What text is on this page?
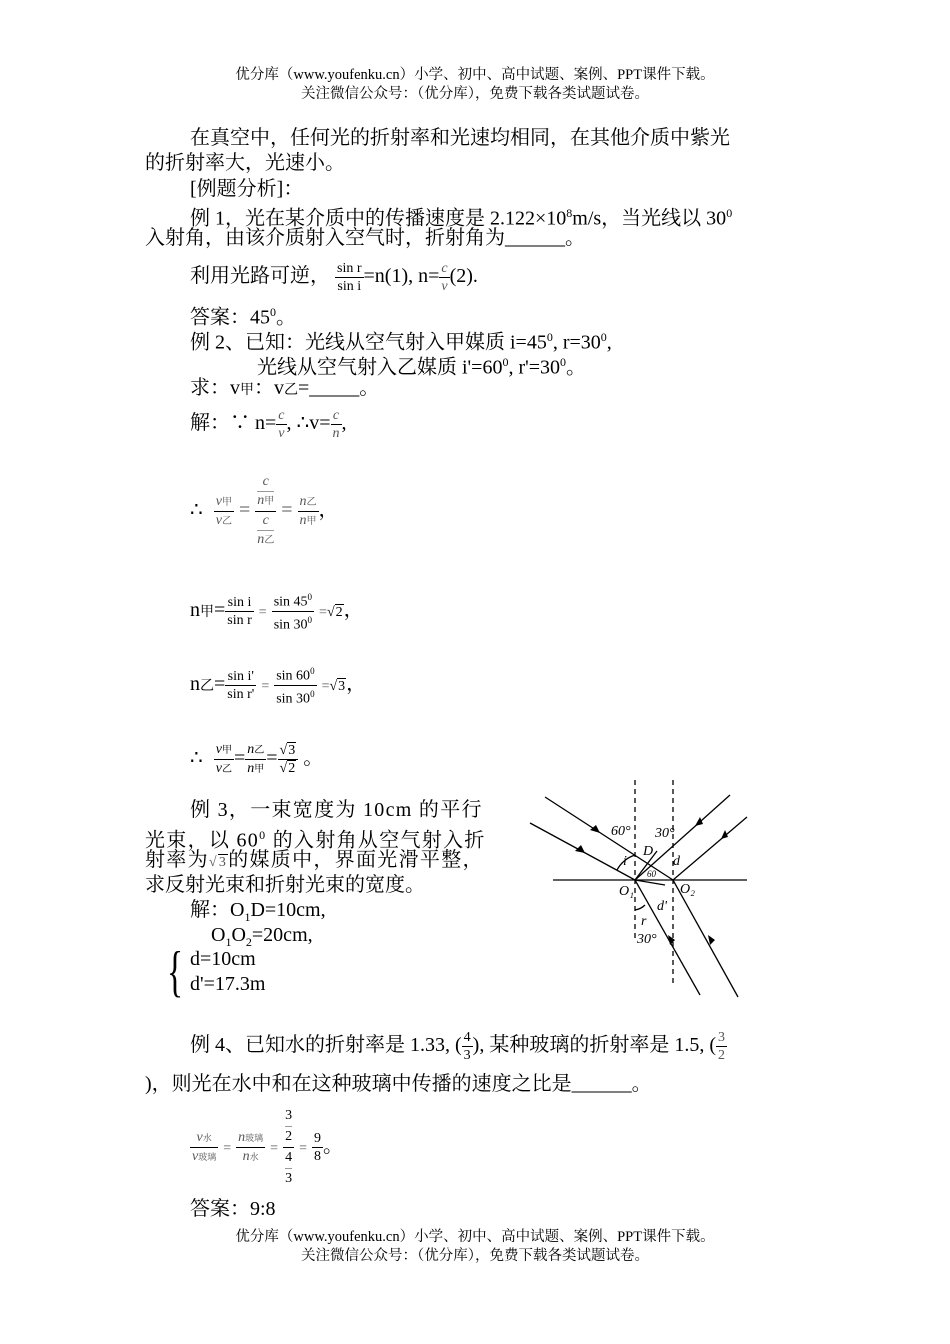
优分库（www.youfenku.cn）小学、初中、高中试题、案例、PPT课件下载。
关注微信公众号：（优分库），免费下载各类试题试卷。
在真空中，任何光的折射率和光速均相同，在其他介质中紫光
的折射率大，光速小。
[例题分析]：
例 1，光在某介质中的传播速度是 $2.122\times 10^8m/s$，当光线以 $30^0$
入射角，由该介质射入空气时，折射角为______。
利用光路可逆， $\frac{\text{sin r}}{\text{sin i}} =n(1)$, $n= \frac{c}{v} (2)$.
答案：$45^0$。
例 2、已知：光线从空气射入甲媒质 $i=45^0$, $r=30^0$,
光线从空气射入乙媒质 $i'=60^0$, $r'=30^0$。
求：v甲：v乙=_____。
解：∵ $n= \frac{c}{v}$ , ∴v= $\frac{c}{n}$ ,
∴ $\frac{\text{v甲}}{\text{v乙}} = c$
n甲
c
n乙 = $\frac{\text{n乙}}{\text{n甲}}$ ，
n甲= $\frac{\text{sin i}}{\text{sin r}} = \frac{\sin 45^0}{\sin 30^0} =√2$，
n乙= $\frac{\text{sin i'}}{\text{sin r'}} = \frac{\sin 60^0}{\sin 30^0} =√3$，
∴ $\frac{\text{v甲}}{\text{v乙}} = \frac{\text{n乙}}{\text{n甲}} = \frac{√3}{√2}$ 。
例 3，一束宽度为 10cm 的平行
光束，以 $60^0$ 的入射角从空气射入折
射率为√3的媒质中，界面光滑平整，
求反射光束和折射光束的宽度。
解：$O_1D=10cm$,
$O_1O_2=20cm$,
{ d=10cm
d'=17.3m
60° 30°
i
D
d
60
O₁	O₂
d'
r
30°
例 4、已知水的折射率是 1.33, ( $\frac{4}{3}$ ), 某种玻璃的折射率是 1.5, ( $\frac{3}{2}$
)，则光在水中和在这种玻璃中传播的速度之比是______。
$\frac{\text{v水}}{\text{v玻璃}} = \frac{\text{n玻璃}}{\text{n水}} = 3$
2
4
$3 = \frac{9}{8}$ 。
答案：9:8
优分库（www.youfenku.cn）小学、初中、高中试题、案例、PPT课件下载。
关注微信公众号：（优分库），免费下载各类试题试卷。
